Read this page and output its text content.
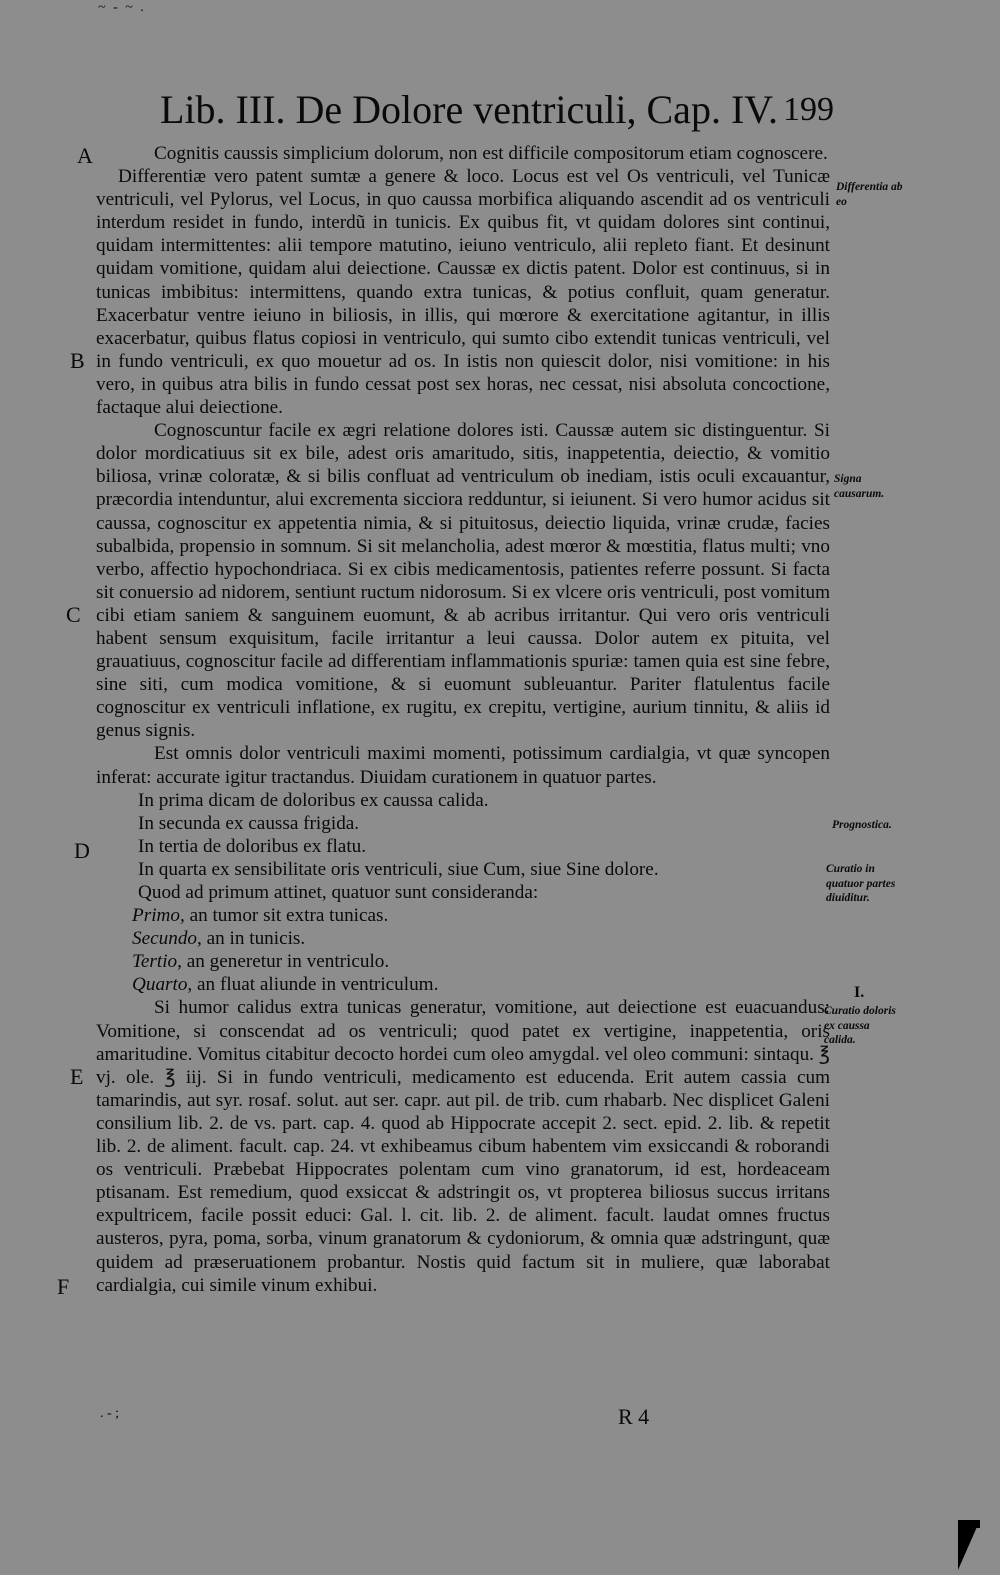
~ - ~ .
Lib. III. De Dolore ventriculi, Cap. IV. 199
A
B
C
D
E
F
Differentia ab eo
Signa causarum.
Prognostica.
Curatio in quatuor partes diuiditur.
I.
Curatio doloris ex caussa calida.

Cognitis caussis simplicium dolorum, non est difficile compositorum etiam cognoscere.

Differentiæ vero patent sumtæ a genere & loco. Locus est vel Os ventriculi, vel Tunicæ ventriculi, vel Pylorus, vel Locus, in quo caussa morbifica aliquando ascendit ad os ventriculi interdum residet in fundo, interdũ in tunicis. Ex quibus fit, vt quidam dolores sint continui, quidam intermittentes: alii tempore matutino, ieiuno ventriculo, alii repleto fiant. Et desinunt quidam vomitione, quidam alui deiectione. Caussæ ex dictis patent. Dolor est continuus, si in tunicas imbibitus: intermittens, quando extra tunicas, & potius confluit, quam generatur. Exacerbatur ventre ieiuno in biliosis, in illis, qui mœrore & exercitatione agitantur, in illis exacerbatur, quibus flatus copiosi in ventriculo, qui sumto cibo extendit tunicas ventriculi, vel in fundo ventriculi, ex quo mouetur ad os. In istis non quiescit dolor, nisi vomitione: in his vero, in quibus atra bilis in fundo cessat post sex horas, nec cessat, nisi absoluta concoctione, factaque alui deiectione.

Cognoscuntur facile ex ægri relatione dolores isti. Caussæ autem sic distinguentur. Si dolor mordicatiuus sit ex bile, adest oris amaritudo, sitis, inappetentia, deiectio, & vomitio biliosa, vrinæ coloratæ, & si bilis confluat ad ventriculum ob inediam, istis oculi excauantur, præcordia intenduntur, alui excrementa sicciora redduntur, si ieiunent. Si vero humor acidus sit caussa, cognoscitur ex appetentia nimia, & si pituitosus, deiectio liquida, vrinæ crudæ, facies subalbida, propensio in somnum. Si sit melancholia, adest mœror & mœstitia, flatus multi; vno verbo, affectio hypochondriaca. Si ex cibis medicamentosis, patientes referre possunt. Si facta sit conuersio ad nidorem, sentiunt ructum nidorosum. Si ex vlcere oris ventriculi, post vomitum cibi etiam saniem & sanguinem euomunt, & ab acribus irritantur. Qui vero oris ventriculi habent sensum exquisitum, facile irritantur a leui caussa. Dolor autem ex pituita, vel grauatiuus, cognoscitur facile ad differentiam inflammationis spuriæ: tamen quia est sine febre, sine siti, cum modica vomitione, & si euomunt subleuantur. Pariter flatulentus facile cognoscitur ex ventriculi inflatione, ex rugitu, ex crepitu, vertigine, aurium tinnitu, & aliis id genus signis.

Est omnis dolor ventriculi maximi momenti, potissimum cardialgia, vt quæ syncopen inferat: accurate igitur tractandus. Diuidam curationem in quatuor partes.

In prima dicam de doloribus ex caussa calida.

In secunda ex caussa frigida.

In tertia de doloribus ex flatu.

In quarta ex sensibilitate oris ventriculi, siue Cum, siue Sine dolore.

Quod ad primum attinet, quatuor sunt consideranda:

Primo, an tumor sit extra tunicas.

Secundo, an in tunicis.

Tertio, an generetur in ventriculo.

Quarto, an fluat aliunde in ventriculum.

Si humor calidus extra tunicas generatur, vomitione, aut deiectione est euacuandus: Vomitione, si conscendat ad os ventriculi; quod patet ex vertigine, inappetentia, oris amaritudine. Vomitus citabitur decocto hordei cum oleo amygdal. vel oleo communi: sintaqu. ℥ vj. ole. ℥ iij. Si in fundo ventriculi, medicamento est educenda. Erit autem cassia cum tamarindis, aut syr. rosaf. solut. aut ser. capr. aut pil. de trib. cum rhabarb. Nec displicet Galeni consilium lib. 2. de vs. part. cap. 4. quod ab Hippocrate accepit 2. sect. epid. 2. lib. & repetit lib. 2. de aliment. facult. cap. 24. vt exhibeamus cibum habentem vim exsiccandi & roborandi os ventriculi. Præbebat Hippocrates polentam cum vino granatorum, id est, hordeaceam ptisanam. Est remedium, quod exsiccat & adstringit os, vt propterea biliosus succus irritans expultricem, facile possit educi: Gal. l. cit. lib. 2. de aliment. facult. laudat omnes fructus austeros, pyra, poma, sorba, vinum granatorum & cydoniorum, & omnia quæ adstringunt, quæ quidem ad præseruationem probantur. Nostis quid factum sit in muliere, quæ laborabat cardialgia, cui simile vinum exhibui.

. - ;	R 4
